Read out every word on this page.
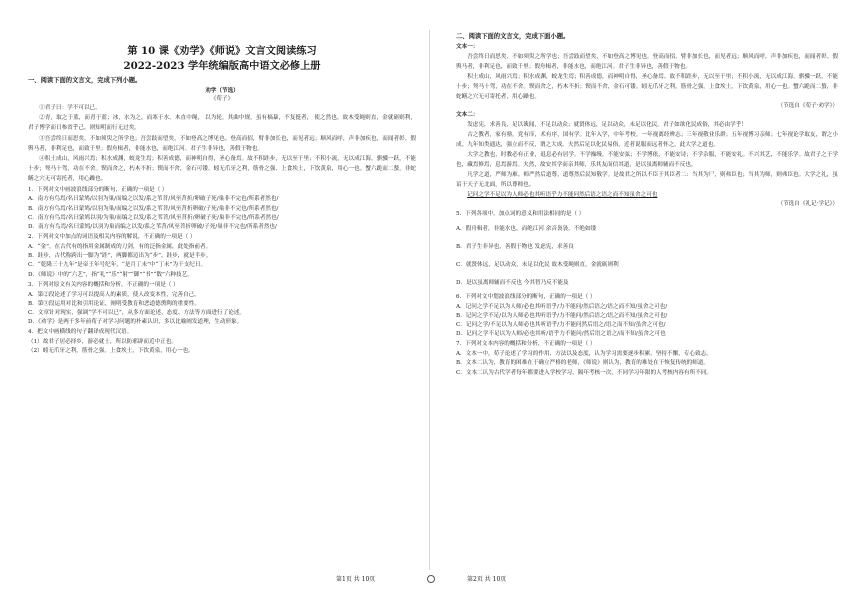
第 10 课《劝学》《师说》文言文阅读练习
2022-2023 学年统编版高中语文必修上册
一、阅读下面的文言文，完成下列小题。
劝学（节选）
《荀子》

①君子曰：学不可以已。

②青，取之于蓝，而青于蓝；冰，水为之，而寒于水。木直中绳， 以为轮，其曲中规。虽有槁暴，不复挺者， 使之然也。故木受绳则直，金就砺则利，君子博学而日参省乎己，则知明而行无过矣。

③吾尝终日而思矣，不如须臾之所学也；吾尝跂而望矣，不如登高之博见也。登高而招，臂非加长也，而见者远；顺风而呼，声非加疾也，而闻者彰。假舆马者，非利足也，而致千里；假舟楫者，非能水也，而绝江河。君子生非异也，善假于物也。

④积土成山，风雨兴焉；积水成渊，蛟龙生焉；积善成德，而神明自得，圣心备焉。故不积跬步，无以至千里；不积小流，无以成江海。骐骥一跃，不能十步；驽马十驾，功在不舍。锲而舍之，朽木不折；锲而不舍，金石可镂。蚓无爪牙之利，筋骨之强，上食埃土，下饮黄泉，用心一也。蟹六跪而二螯，非蛇鳝之穴无可寄托者，用心躁也。

1．下列对文中画波浪线部分的断句，正确的一项是（ ）
A．南方有鸟焉/名曰蒙鸠/以羽为巢/而编之以发/系之苇苕/风至苕折/卵破子死/巢非不完也/所系者然也/
B．南方有鸟焉/名曰蒙鸠/以羽为巢/而编之以发/系之苇苕/风至苕折卵破/子死/巢非不完也/所系者然也/
C．南方有鸟焉/名曰蒙鸠以羽/为巢/而编之以发/系之苇苕/风至苕折/卵破子死/巢非不完也/所系者然也/
D．南方有鸟焉/名曰蒙鸠/以羽为巢而编之以发/系之苇苕/风至苕折卵破/子死/巢非不完也/所系者然也/
2．下列对文中加点的词语及相关内容的解说，不正确的一项是（ ）
A．“金”，在古代有的指用金属制成的刀剑，有的泛指金属，此处指前者。
B．跬步，古代称跨出一脚为“跬”，两脚都迈出为“步”，跬步，就是半步。
C．“乾隆三十九年”是帝王年号纪年，“是月丁未”中“丁未”为干支纪日。
D．《师说》中的“六艺”，指“礼”“乐”“射”“御”“书”“数”六种技艺。
3．下列对原文有关内容的概括和分析，不正确的一项是（ ）
A．第②段论述了学习可以提高人的素质，使人改变本性，完善自己。
B．第③段运用对比和引用论证，阐明受教育和恶道德熏陶的重要性。
C．文章针对现实，强调“学不可以已”，从多方面论述，态度、方法等方面进行了论述。
D．《劝学》是两千多年前荀子对学习问题的朴素认识，多以比喻阐发道理，生动形象。
4．把文中画横线的句子翻译成现代汉语。
（1）故君子居必择乡，游必就士，所以防邪辟而近中正也。
（2）蚓无爪牙之利，筋骨之强，上食埃土，下饮黄泉，用心一也。
二、阅读下面的文言文，完成下面小题。
文本一：

吾尝终日而思矣，不如须臾之所学也；吾尝跂而望矣，不如登高之博见也。登高而招，臂非加长也，而见者远；顺风而呼，声非加疾也，而闻者彰。假舆马者，非利足也，而致千里；假舟楫者，非能水也，而绝江河。君子生非异也，善假于物也。

积土成山，风雨兴焉；积水成渊，蛟龙生焉；积善成德，而神明自得，圣心备焉。故不积跬步，无以至千里；不积小流，无以成江海。骐骥一跃，不能十步；驽马十驾，功在不舍。锲而舍之，朽木不折；锲而不舍，金石可镂。蚓无爪牙之利，筋骨之强，上食埃土，下饮黄泉，用心一也。蟹六跪而二螯，非蛇鳝之穴无可寄托者，用心躁也。

（节选自《荀子·劝学》）
文本二：

发虑宪，求善良，足以谀闻，不足以动众；就贤体远，足以动众，未足以化民。君子如欲化民成俗，其必由学乎！

古之教者，家有塾，党有庠，术有序，国有学。比年入学，中年考校。一年视离经辨志；三年视敬业乐群；五年视博习亲师；七年视论学取友，谓之小成。九年知类通达，强立而不反，谓之大成。夫然后足以化民易俗，近者说服而远者怀之，此大学之道也。

大学之教也，时教必有正业，退息必有居学。不学操缦，不能安弦；不学博依，不能安诗；不学杂服，不能安礼。不兴其艺，不能乐学。故君子之于学也，藏焉修焉，息焉游焉。夫然，故安其学而亲其师，乐其友而信其道，是以虽离师辅而不反也。

凡学之道，严师为难。师严然后道尊，道尊然后民知敬学。是故君之所以不臣于其臣者二：当其为尸，则弗臣也；当其为师，则弗臣也。大学之礼，虽诏于天子无北面，所以尊师也。

记问之学不足以为人师必也其听语乎力不能问然后语之语之而不知虽舍之可也

（节选自《礼记·学记》）
5．下列各项中，加点词的意义和用法相同的是（ ）
A．假舟楫者，非能水也，而绝江河 余音袅袅，不绝如缕
B．君子生非异也，善假于物也 发虑宪，求善良
C．就贤体远，足以动众，未足以化民 故木受绳则直，金就砺则利
D．是以虽离师辅而不反也 今其智乃反不能及
6．下列对文中划波浪线部分的断句，正确的一项是（ ）
A．记问之学不足以为人师/必也其听语乎/力不能问/然后语之/语之而不知/虽舍之可也/
B．记问之学不足/以为人师必也其听语乎/力不能问/然后语之/语之而不知/虽舍之可也/
C．记问之学/不足以为人师必也其听语乎/力不能问然后语之/语之而不知/虽舍之可也/
D．记问之学不足以为人师/必也其听/语乎力不能问/然后语之语之/而不知/虽舍之可也
7．下列对文本内容的概括和分析，不正确的一项是（ ）
A．文本一中，荀子论述了学习的作用、方法以及态度，认为学习需要逐步积累，坚持不懈，专心致志。
B．文本二认为，教育的困难在于确立严格的老师，《师说》则认为，教育的难处在于恢复传统的师道。
C．文本二认为古代学者每年都要进入学校学习，隔年考核一次，不同学习年限的人考核内容有所不同。
第1页 共 10页	第2页 共 10页
